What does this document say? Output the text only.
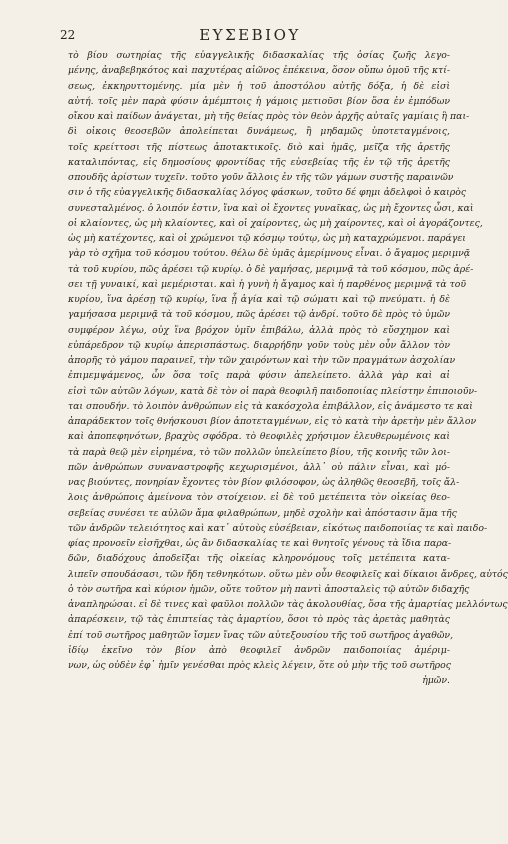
22	ΕΥΣΕΒΙΟΥ
τὸ βίου σωτηρίας τῆς εὐαγγελικῆς διδασκαλίας τῆς ὁσίας ζωῆς λεγο-
μένης, ἀναβεβηκότος καὶ παχυτέρας αἰῶνος ἐπέκεινα, ὅσον οὔπω ὁμοῦ τῆς κτί-
σεως, ἐκκηρυττομένης. μία μὲν ἡ τοῦ ἀποστόλου αὐτῆς δόξα, ἡ δὲ εἰσὶ
αὐτή. τοῖς μὲν παρὰ φύσιν ἀμέμπτοις ἡ γάμοις μετιοῦσι βίον ὅσα ἐν ἐμπόδων
οἴκου καὶ παίδων ἀνάγεται, μὴ τῆς θείας πρὸς τὸν θεὸν ἀρχῆς αὐταῖς γαμίαις ἢ παι-
δὶ οἰκοις θεοσεβῶν ἀπολείπεται δυνάμεως, ἢ μηδαμῶς ὑποτεταγμένοις,
τοῖς κρείττοσι τῆς πίστεως ἀποτακτικοῖς. διὸ καὶ ἡμᾶς, μεῖζα τῆς ἀρετῆς
καταλιπόντας, εἰς δημοσίους φροντίδας τῆς εὐσεβείας τῆς ἐν τῷ τῆς ἀρετῆς
σπουδῆς ἀρίστων τυχεῖν. τοῦτο γοῦν ἄλλοις ἐν τῆς τῶν γάμων συστῆς παραινῶν
σιν ὁ τῆς εὐαγγελικῆς διδασκαλίας λόγος φάσκων, τοῦτο δέ φημι ἀδελφοὶ ὁ καιρὸς
συνεσταλμένος. ὁ λοιπόν ἐστιν, ἵνα καὶ οἱ ἔχοντες γυναῖκας, ὡς μὴ ἔχοντες ὦσι, καὶ
οἱ κλαίοντες, ὡς μὴ κλαίοντες, καὶ οἱ χαίροντες, ὡς μὴ χαίροντες, καὶ οἱ ἀγοράζοντες,
ὡς μὴ κατέχοντες, καὶ οἱ χρώμενοι τῷ κόσμῳ τούτῳ, ὡς μὴ καταχρώμενοι. παράγει
γὰρ τὸ σχῆμα τοῦ κόσμου τούτου. θέλω δὲ ὑμᾶς ἀμερίμνους εἶναι. ὁ ἄγαμος μεριμνᾷ
τὰ τοῦ κυρίου, πῶς ἀρέσει τῷ κυρίῳ. ὁ δὲ γαμήσας, μεριμνᾷ τὰ τοῦ κόσμου, πῶς ἀρέ-
σει τῇ γυναικί, καὶ μεμέρισται. καὶ ἡ γυνὴ ἡ ἄγαμος καὶ ἡ παρθένος μεριμνᾷ τὰ τοῦ
κυρίου, ἵνα ἀρέσῃ τῷ κυρίῳ, ἵνα ᾖ ἁγία καὶ τῷ σώματι καὶ τῷ πνεύματι. ἡ δὲ
γαμήσασα μεριμνᾷ τὰ τοῦ κόσμου, πῶς ἀρέσει τῷ ἀνδρί. τοῦτο δὲ πρὸς τὸ ὑμῶν
συμφέρον λέγω, οὐχ ἵνα βρόχον ὑμῖν ἐπιβάλω, ἀλλὰ πρὸς τὸ εὔσχημον καὶ
εὐπάρεδρον τῷ κυρίῳ ἀπερισπάστως. διαρρήδην γοῦν τοὺς μὲν οὖν ἄλλον τὸν
ἀπορῆς τὸ γάμου παραινεῖ, τὴν τῶν χαιρόντων καὶ τὴν τῶν πραγμάτων ἀσχολίαν
ἐπιμεμψάμενος, ὧν ὅσα τοῖς παρὰ φύσιν ἀπελείπετο. ἀλλὰ γὰρ καὶ αἱ
εἰσὶ τῶν αὐτῶν λόγων, κατὰ δὲ τὸν οἱ παρὰ θεοφιλῆ παιδοποιίας πλείστην ἐπιποιοῦν-
ται σπουδήν. τὸ λοιπὸν ἀνθρώπων εἰς τὰ κακόσχολα ἐπιβάλλον, εἰς ἀνάμεστο τε καὶ
ἀπαράδεκτον τοῖς θνήσκουσι βίον ἀποτεταγμένων, εἰς τὸ κατὰ τὴν ἀρετὴν μὲν ἄλλον
καὶ ἀποπεφηνότων, βραχὺς σφόδρα. τὸ θεοφιλὲς χρήσιμον ἐλευθερωμένοις καὶ
τὰ παρὰ θεῷ μὲν εἰρημένα, τὸ τῶν πολλῶν ὑπελείπετο βίου, τῆς κοινῆς τῶν λοι-
πῶν ἀνθρώπων συναναστροφῆς κεχωρισμένοι, ἀλλ᾽ οὐ πάλιν εἶναι, καὶ μό-
νας βιούντες, πονηρίαν ἔχοντες τὸν βίον φιλόσοφον, ὡς ἀληθῶς θεοσεβῆ, τοῖς ἄλ-
λοις ἀνθρώποις ἀμείνονα τὸν στοίχειον. εἰ δὲ τοῦ μετέπειτα τὸν οἰκείας θεο-
σεβείας συνέσει τε αὐλῶν ἄμα φιλαθρώπων, μηδὲ σχολὴν καὶ ἀπόστασιν ἅμα τῆς
τῶν ἀνδρῶν τελειότητος καὶ κατ᾽ αὐτοὺς εὐσέβειαν, εἰκότως παιδοποιίας τε καὶ παιδο-
φίας προνοεῖν εἰσῆχθαι, ὡς ἂν διδασκαλίας τε καὶ θνητοῖς γένους τὰ ἴδια παρα-
δῶν, διαδόχους ἀποδεῖξαι τῆς οἰκείας κληρονόμους τοῖς μετέπειτα κατα-
λιπεῖν σπουδάσασι, τῶν ἤδη τεθνηκότων. οὕτω μὲν οὖν θεοφιλεῖς καὶ δίκαιοι ἄνδρες, αὐτός
ὁ τὸν σωτῆρα καὶ κύριον ἡμῶν, οὔτε τοῦτον μὴ παντὶ ἀποσταλεὶς τῷ αὐτῶν διδαχῆς
ἀναπληρώσαι. εἰ δὲ τινες καὶ φαῦλοι πολλῶν τὰς ἀκολουθίας, ὅσα τῆς ἀμαρτίας μελλόντως
ἀπαρέσκειν, τῷ τὰς ἐπιπτείας τὰς ἁμαρτίου, ὅσοι τὸ πρὸς τὰς ἀρετὰς μαθητὰς
ἐπί τοῦ σωτῆρος μαθητῶν ἴσμεν ἴνας τῶν αὐτεξουσίου τῆς τοῦ σωτῆρος ἀγαθῶν,
ἰδίῳ ἐκεῖνο τὸν βίον ἀπὸ θεοφιλεῖ ἀνδρῶν παιδοποιίας ἀμέριμ-
νων, ὡς οὐδὲν ἐφ᾽ ἡμῖν γενέσθαι πρὸς κλεὶς λέγειν, ὅτε οὐ μὴν τῆς τοῦ σωτῆρος
ἡμῶν.
